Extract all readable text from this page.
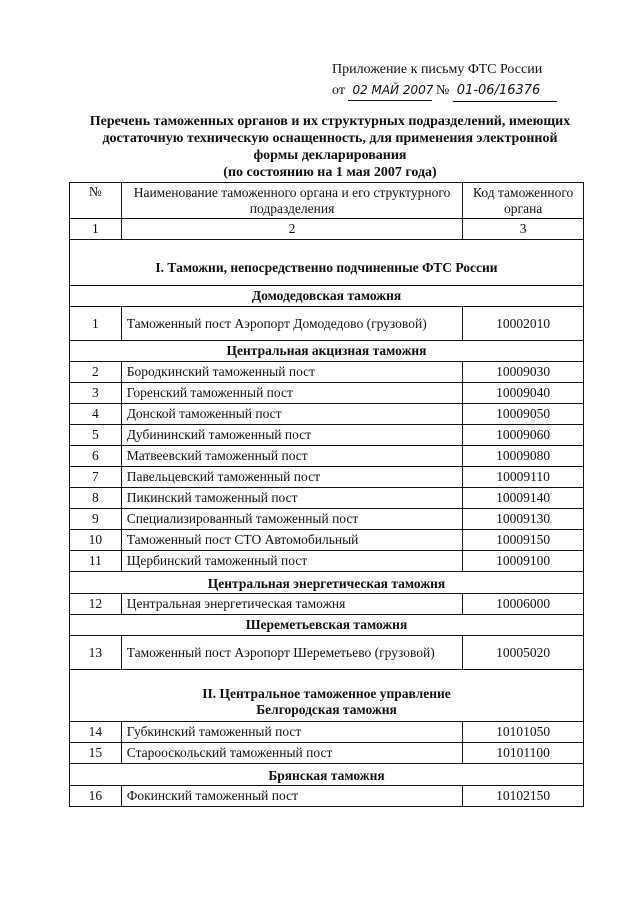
Приложение к письму ФТС России
от 02 МАЙ 2007 № 01-06/16376
Перечень таможенных органов и их структурных подразделений, имеющих
достаточную техническую оснащенность, для применения электронной
формы декларирования
(по состоянию на 1 мая 2007 года)
№	Наименование таможенного органа и его структурного подразделения	Код таможенного органа
1	2	3
I. Таможни, непосредственно подчиненные ФТС России		
Домодедовская таможня		
1	Таможенный пост Аэропорт Домодедово (грузовой)	10002010
Центральная акцизная таможня		
2	Бородкинский таможенный пост	10009030
3	Горенский таможенный пост	10009040
4	Донской таможенный пост	10009050
5	Дубининский таможенный пост	10009060
6	Матвеевский таможенный пост	10009080
7	Павельцевский таможенный пост	10009110
8	Пикинский таможенный пост	10009140
9	Специализированный таможенный пост	10009130
10	Таможенный пост СТО Автомобильный	10009150
11	Щербинский таможенный пост	10009100
Центральная энергетическая таможня		
12	Центральная энергетическая таможня	10006000
Шереметьевская таможня		
13	Таможенный пост Аэропорт Шереметьево (грузовой)	10005020

II. Центральное таможенное управление
Белгородская таможня		

14	Губкинский таможенный пост	10101050
15	Старооскольский таможенный пост	10101100
Брянская таможня		
16	Фокинский таможенный пост	10102150
